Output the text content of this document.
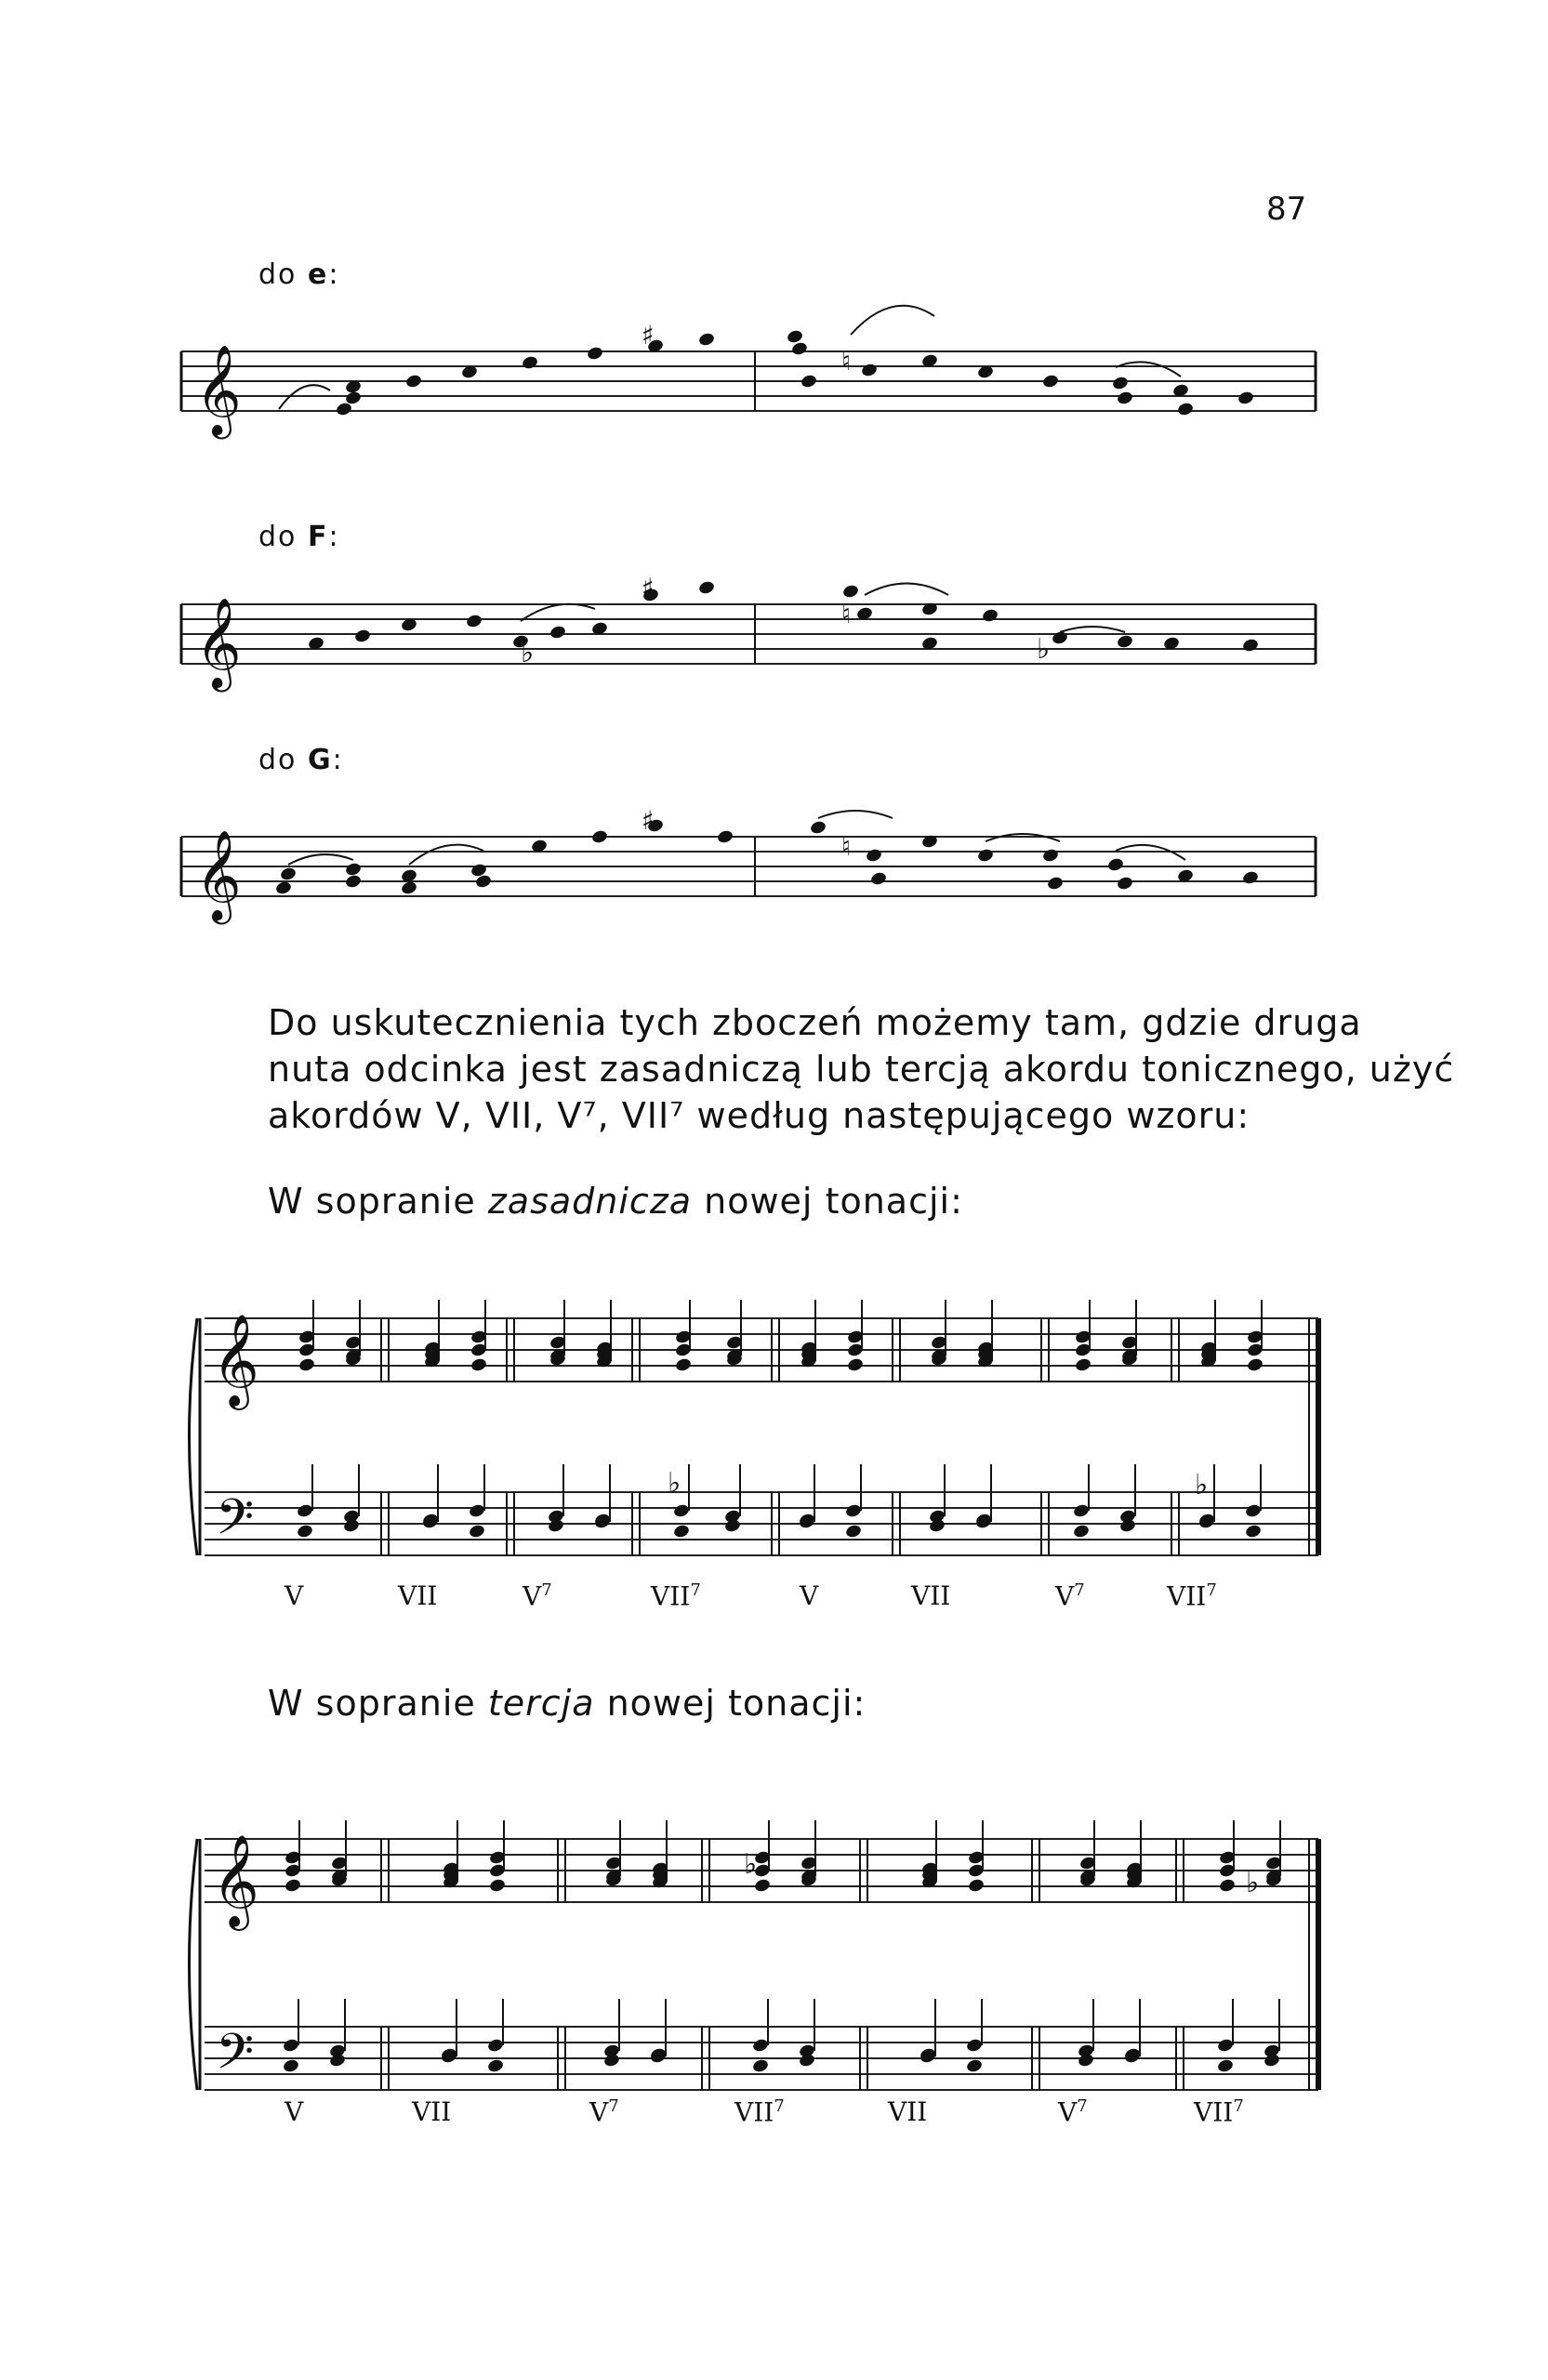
87
do e:
do F:
do G:
𝄞
♯
♮
𝄞
♯
♮
𝄞
♯
♮
♭	♭
𝄞
𝄢
𝄞
𝄢
♭	♭
♭
♭
Do uskutecznienia tych zboczeń możemy tam, gdzie druga
nuta odcinka jest zasadniczą lub tercją akordu tonicznego, użyć
akordów V, VII, V⁷, VII⁷ według następującego wzoru:
W sopranie zasadnicza nowej tonacji:
W sopranie tercja nowej tonacji:
V	VII	$V^7$	VII$^7$	V	VII	$V^7$	VII$^7$
V	VII	$V^7$	VII$^7$	VII	$V^7$	VII$^7$
